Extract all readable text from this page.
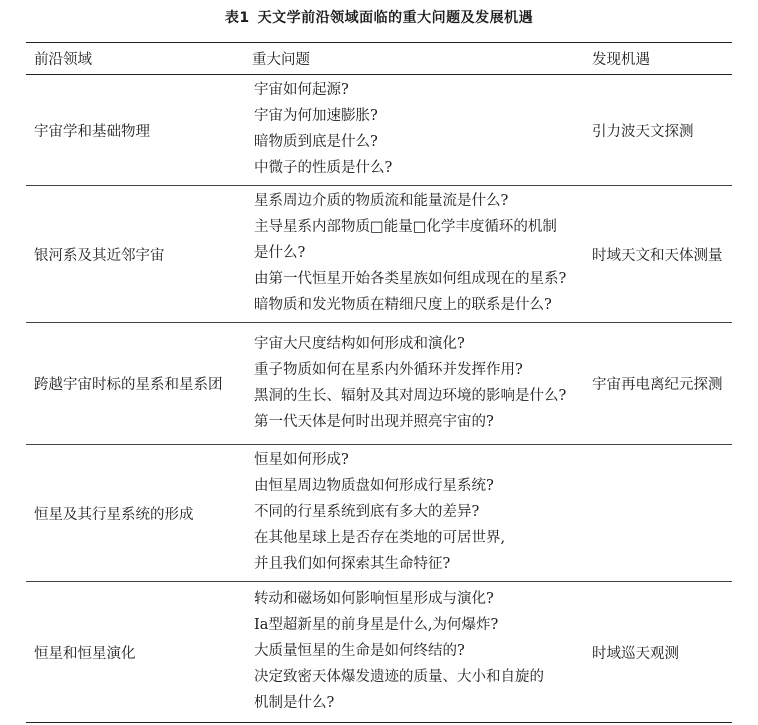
表1 天文学前沿领域面临的重大问题及发展机遇
前沿领域	重大问题	发现机遇
宇宙学和基础物理	宇宙如何起源?
宇宙为何加速膨胀?
暗物质到底是什么?
中微子的性质是什么?	引力波天文探测
银河系及其近邻宇宙	星系周边介质的物质流和能量流是什么?
主导星系内部物质□能量□化学丰度循环的机制
是什么?
由第一代恒星开始各类星族如何组成现在的星系?
暗物质和发光物质在精细尺度上的联系是什么?	时域天文和天体测量
跨越宇宙时标的星系和星系团	宇宙大尺度结构如何形成和演化?
重子物质如何在星系内外循环并发挥作用?
黑洞的生长、辐射及其对周边环境的影响是什么?
第一代天体是何时出现并照亮宇宙的?	宇宙再电离纪元探测
恒星及其行星系统的形成	恒星如何形成?
由恒星周边物质盘如何形成行星系统?
不同的行星系统到底有多大的差异?
在其他星球上是否存在类地的可居世界,
并且我们如何探索其生命特征?	

恒星和恒星演化	转动和磁场如何影响恒星形成与演化?
Ia型超新星的前身星是什么,为何爆炸?
大质量恒星的生命是如何终结的?
决定致密天体爆发遗迹的质量、大小和自旋的
机制是什么?	时域巡天观测
